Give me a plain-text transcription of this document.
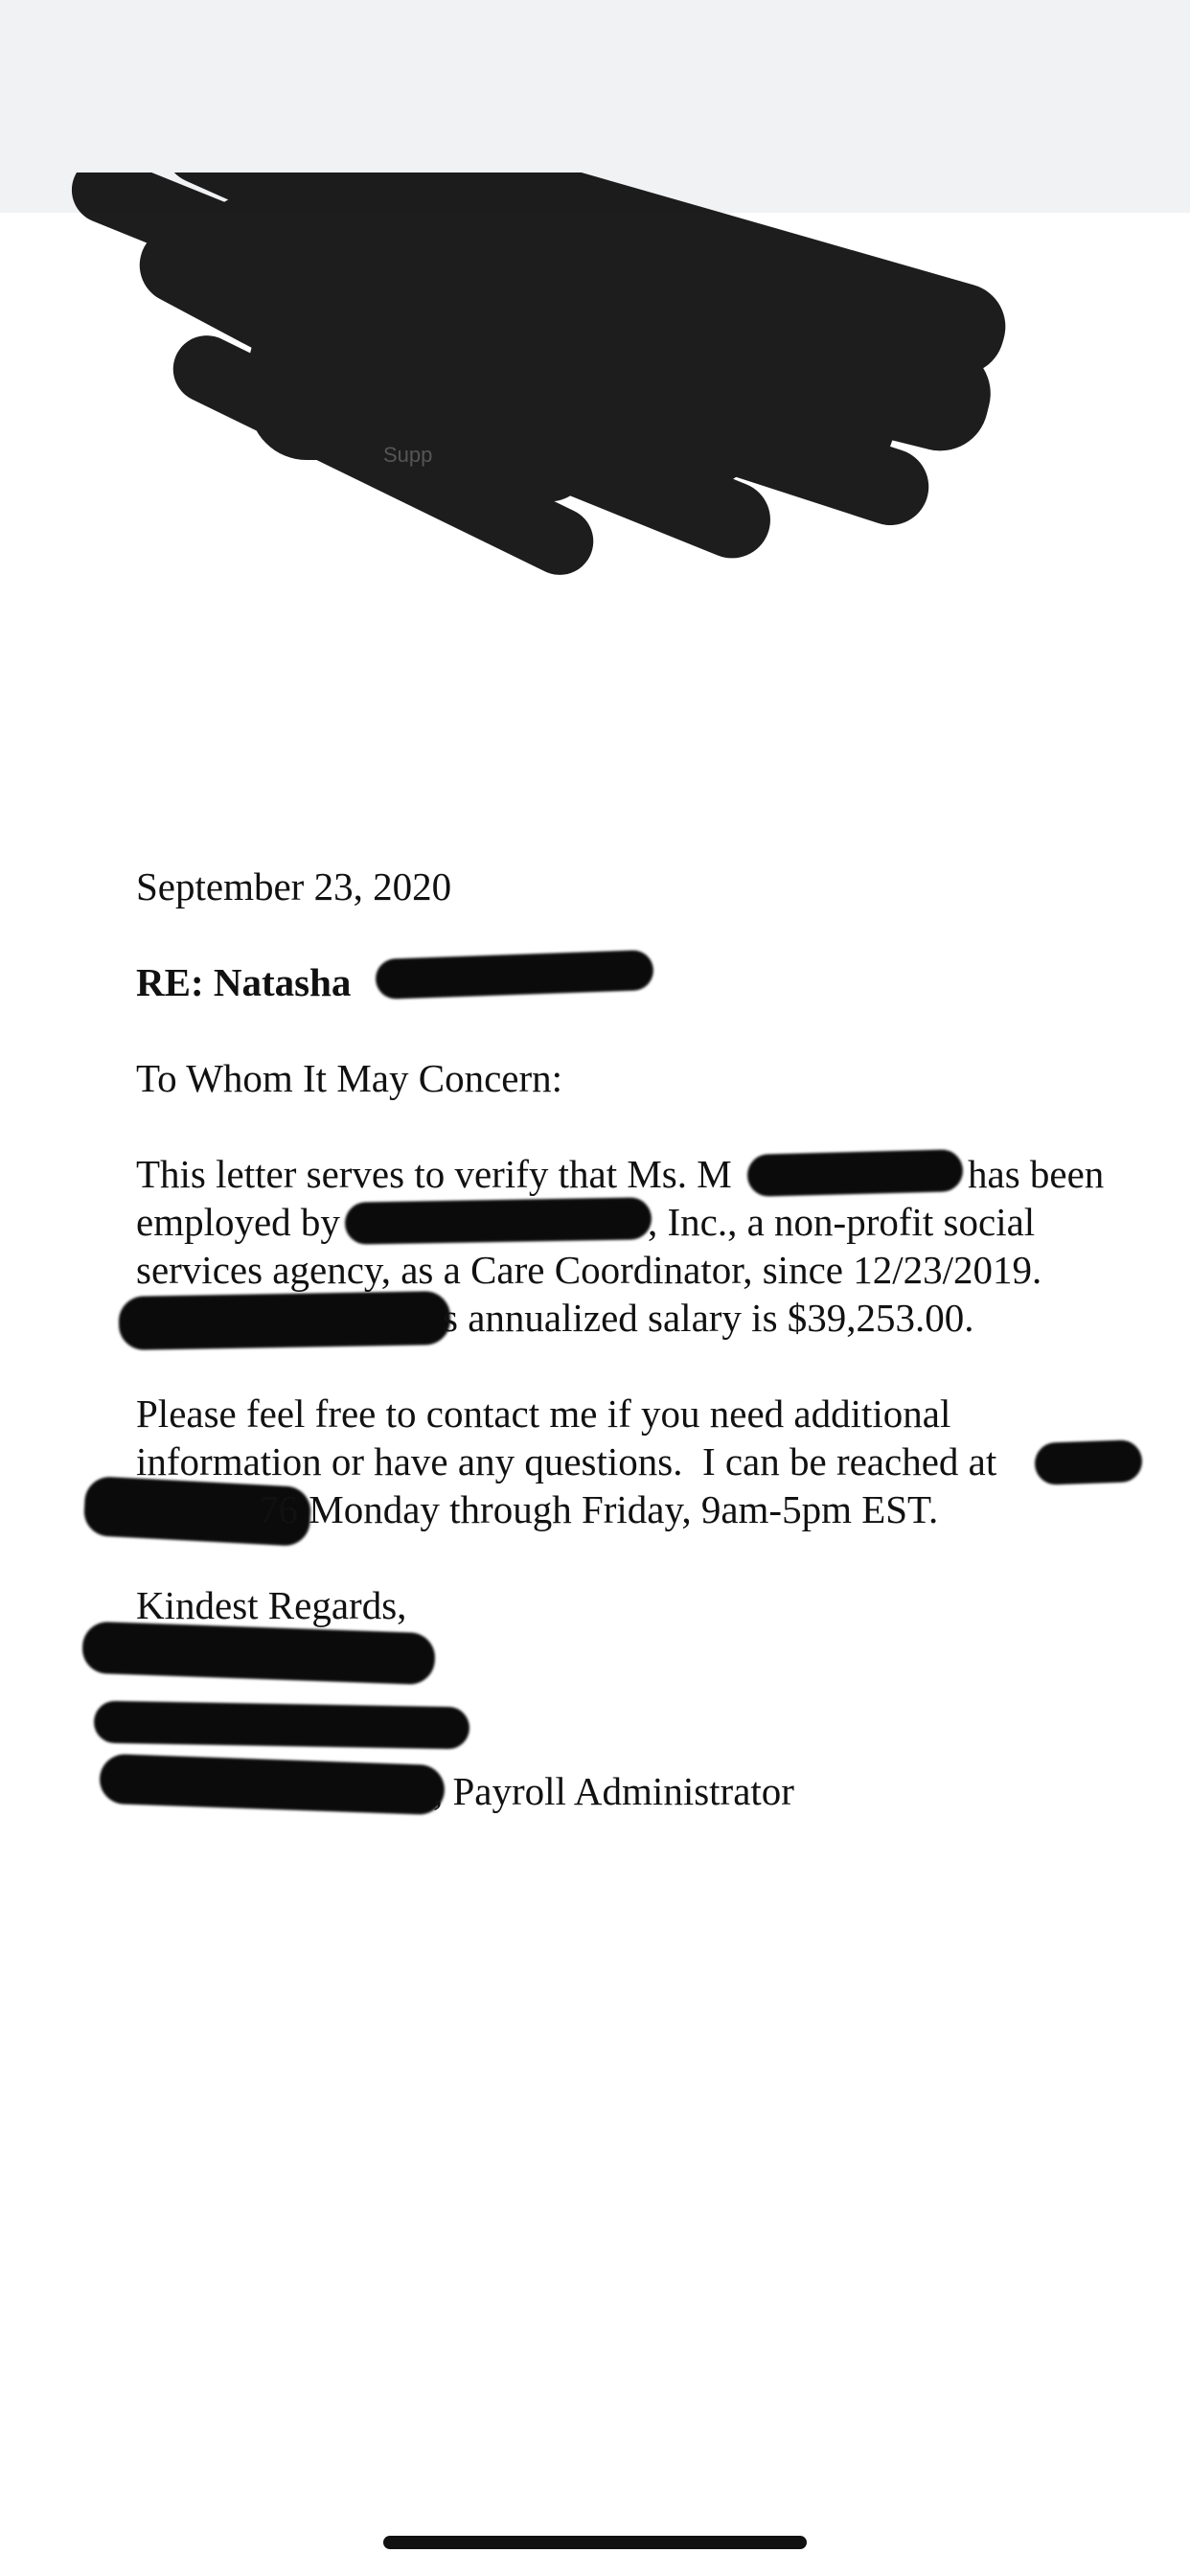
Supp
September 23, 2020
RE: Natasha
To Whom It May Concern:
This letter serves to verify that Ms. M	has been
employed by	, Inc., a non-profit social
services agency, as a Care Coordinator, since 12/23/2019.
s annualized salary is $39,253.00.
Please feel free to contact me if you need additional
information or have any questions.  I can be reached at
76 Monday through Friday, 9am-5pm EST.
Kindest Regards,
, Payroll Administrator
